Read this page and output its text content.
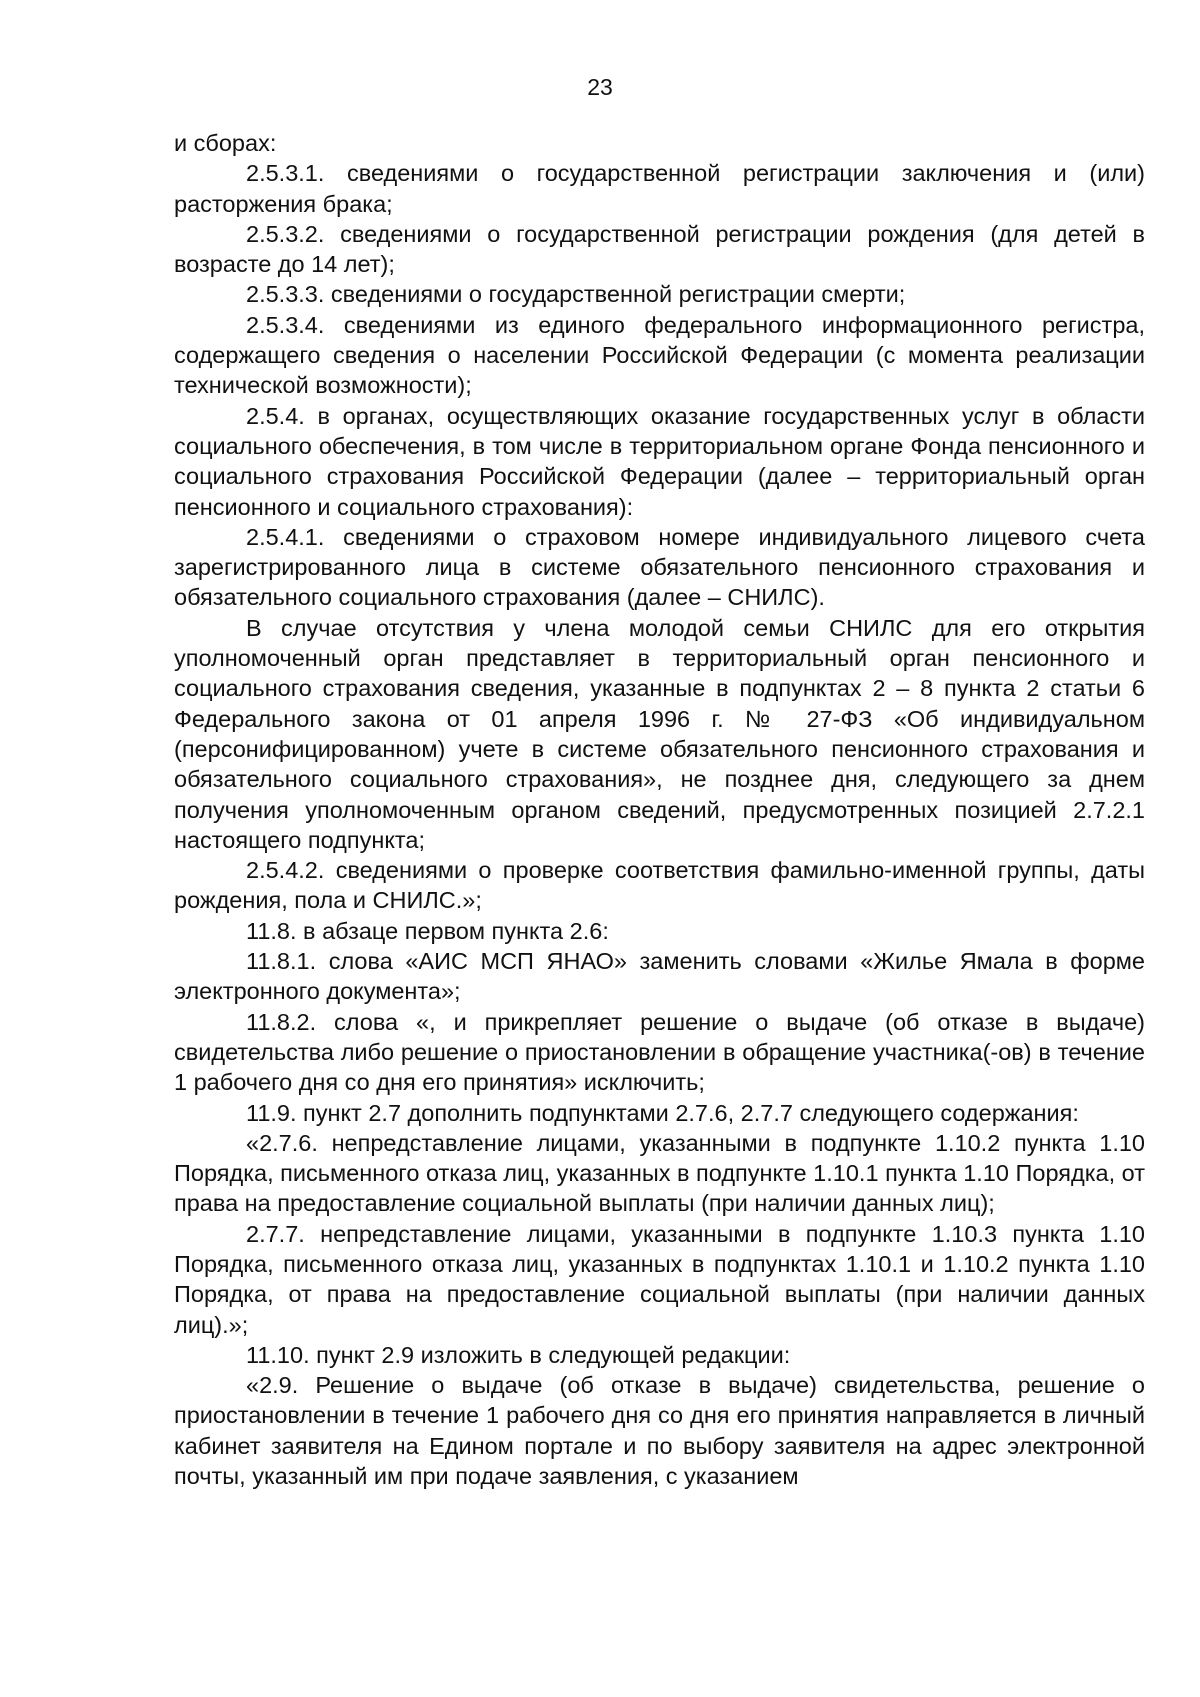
23

и сборах:

2.5.3.1. сведениями о государственной регистрации заключения и (или) расторжения брака;

2.5.3.2. сведениями о государственной регистрации рождения (для детей в возрасте до 14 лет);

2.5.3.3. сведениями о государственной регистрации смерти;

2.5.3.4. сведениями из единого федерального информационного регистра, содержащего сведения о населении Российской Федерации (с момента реализации технической возможности);

2.5.4. в органах, осуществляющих оказание государственных услуг в области социального обеспечения, в том числе в территориальном органе Фонда пенсионного и социального страхования Российской Федерации (далее – территориальный орган пенсионного и социального страхования):

2.5.4.1. сведениями о страховом номере индивидуального лицевого счета зарегистрированного лица в системе обязательного пенсионного страхования и обязательного социального страхования (далее – СНИЛС).

В случае отсутствия у члена молодой семьи СНИЛС для его открытия уполномоченный орган представляет в территориальный орган пенсионного и социального страхования сведения, указанные в подпунктах 2 – 8 пункта 2 статьи 6 Федерального закона от 01 апреля 1996 г. № 27-ФЗ «Об индивидуальном (персонифицированном) учете в системе обязательного пенсионного страхования и обязательного социального страхования», не позднее дня, следующего за днем получения уполномоченным органом сведений, предусмотренных позицией 2.7.2.1 настоящего подпункта;

2.5.4.2. сведениями о проверке соответствия фамильно-именной группы, даты рождения, пола и СНИЛС.»;

11.8. в абзаце первом пункта 2.6:

11.8.1. слова «АИС МСП ЯНАО» заменить словами «Жилье Ямала в форме электронного документа»;

11.8.2. слова «, и прикрепляет решение о выдаче (об отказе в выдаче) свидетельства либо решение о приостановлении в обращение участника(-ов) в течение 1 рабочего дня со дня его принятия» исключить;

11.9. пункт 2.7 дополнить подпунктами 2.7.6, 2.7.7 следующего содержания:

«2.7.6. непредставление лицами, указанными в подпункте 1.10.2 пункта 1.10 Порядка, письменного отказа лиц, указанных в подпункте 1.10.1 пункта 1.10 Порядка, от права на предоставление социальной выплаты (при наличии данных лиц);

2.7.7. непредставление лицами, указанными в подпункте 1.10.3 пункта 1.10 Порядка, письменного отказа лиц, указанных в подпунктах 1.10.1 и 1.10.2 пункта 1.10 Порядка, от права на предоставление социальной выплаты (при наличии данных лиц).»;

11.10. пункт 2.9 изложить в следующей редакции:

«2.9. Решение о выдаче (об отказе в выдаче) свидетельства, решение о приостановлении в течение 1 рабочего дня со дня его принятия направляется в личный кабинет заявителя на Едином портале и по выбору заявителя на адрес электронной почты, указанный им при подаче заявления, с указанием
